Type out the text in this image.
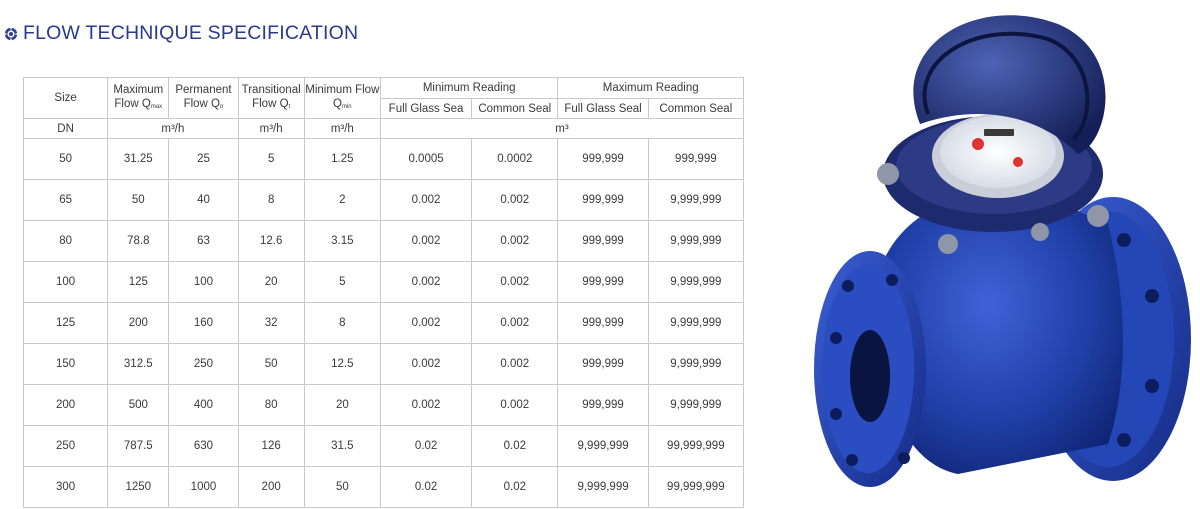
FLOW TECHNIQUE SPECIFICATION
Size	Maximum Flow $Q_{max}$	Permanent Flow $Q_n$	Transitional Flow $Q_t$	Minimum Flow $Q_{min}$	Minimum Reading		Maximum Reading	
					Full Glass Sea	Common Seal	Full Glass Seal	Common Seal
DN	m³/h		m³/h	m³/h	m³			
50	31.25	25	5	1.25	0.0005	0.0002	999,999	999,999
65	50	40	8	2	0.002	0.002	999,999	9,999,999
80	78.8	63	12.6	3.15	0.002	0.002	999,999	9,999,999
100	125	100	20	5	0.002	0.002	999,999	9,999,999
125	200	160	32	8	0.002	0.002	999,999	9,999,999
150	312.5	250	50	12.5	0.002	0.002	999,999	9,999,999
200	500	400	80	20	0.002	0.002	999,999	9,999,999
250	787.5	630	126	31.5	0.02	0.02	9,999,999	99,999,999
300	1250	1000	200	50	0.02	0.02	9,999,999	99,999,999
